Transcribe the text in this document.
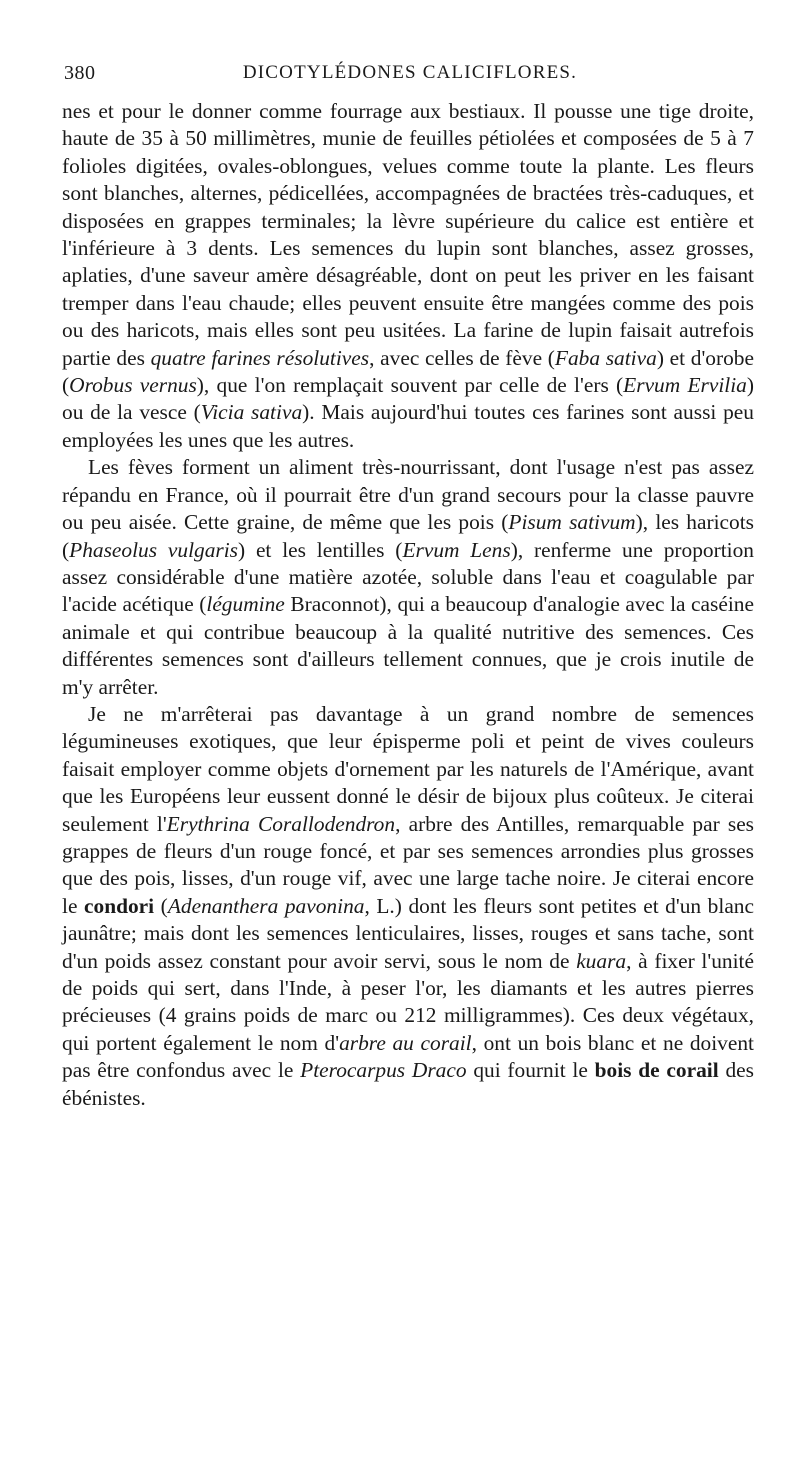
380	DICOTYLÉDONES CALICIFLORES.

nes et pour le donner comme fourrage aux bestiaux. Il pousse une tige droite, haute de 35 à 50 millimètres, munie de feuilles pétiolées et composées de 5 à 7 folioles digitées, ovales-oblongues, velues comme toute la plante. Les fleurs sont blanches, alternes, pédicellées, accompagnées de bractées très-caduques, et disposées en grappes terminales; la lèvre supérieure du calice est entière et l'inférieure à 3 dents. Les semences du lupin sont blanches, assez grosses, aplaties, d'une saveur amère désagréable, dont on peut les priver en les faisant tremper dans l'eau chaude; elles peuvent ensuite être mangées comme des pois ou des haricots, mais elles sont peu usitées. La farine de lupin faisait autrefois partie des quatre farines résolutives, avec celles de fève (Faba sativa) et d'orobe (Orobus vernus), que l'on remplaçait souvent par celle de l'ers (Ervum Ervilia) ou de la vesce (Vicia sativa). Mais aujourd'hui toutes ces farines sont aussi peu employées les unes que les autres.

Les fèves forment un aliment très-nourrissant, dont l'usage n'est pas assez répandu en France, où il pourrait être d'un grand secours pour la classe pauvre ou peu aisée. Cette graine, de même que les pois (Pisum sativum), les haricots (Phaseolus vulgaris) et les lentilles (Ervum Lens), renferme une proportion assez considérable d'une matière azotée, soluble dans l'eau et coagulable par l'acide acétique (légumine Braconnot), qui a beaucoup d'analogie avec la caséine animale et qui contribue beaucoup à la qualité nutritive des semences. Ces différentes semences sont d'ailleurs tellement connues, que je crois inutile de m'y arrêter.

Je ne m'arrêterai pas davantage à un grand nombre de semences légumineuses exotiques, que leur épisperme poli et peint de vives couleurs faisait employer comme objets d'ornement par les naturels de l'Amérique, avant que les Européens leur eussent donné le désir de bijoux plus coûteux. Je citerai seulement l'Erythrina Corallodendron, arbre des Antilles, remarquable par ses grappes de fleurs d'un rouge foncé, et par ses semences arrondies plus grosses que des pois, lisses, d'un rouge vif, avec une large tache noire. Je citerai encore le condori (Adenanthera pavonina, L.) dont les fleurs sont petites et d'un blanc jaunâtre; mais dont les semences lenticulaires, lisses, rouges et sans tache, sont d'un poids assez constant pour avoir servi, sous le nom de kuara, à fixer l'unité de poids qui sert, dans l'Inde, à peser l'or, les diamants et les autres pierres précieuses (4 grains poids de marc ou 212 milligrammes). Ces deux végétaux, qui portent également le nom d'arbre au corail, ont un bois blanc et ne doivent pas être confondus avec le Pterocarpus Draco qui fournit le bois de corail des ébénistes.
